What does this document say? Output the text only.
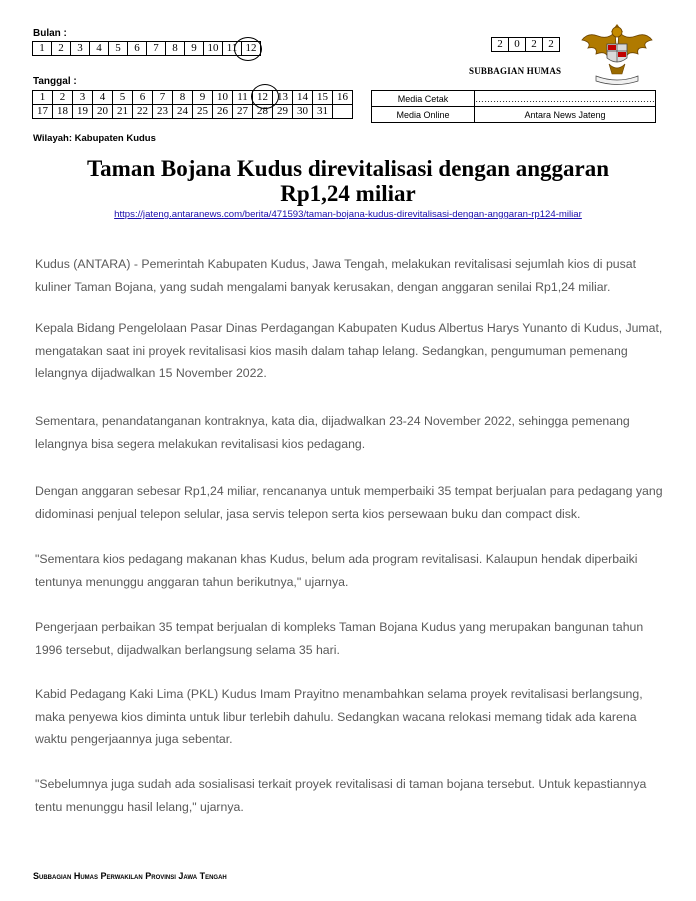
Bulan :
1	2	3	4	5	6	7	8	9	10	11	12
Tanggal :
1	2	3	4	5	6	7	8	9	10	11	12	13	14	15	16
17	18	19	20	21	22	23	24	25	26	27	28	29	30	31	
Wilayah: Kabupaten Kudus
2	0	2	2
SUBBAGIAN HUMAS
Media Cetak	……………………………………………………
Media Online	Antara News Jateng
Taman Bojana Kudus direvitalisasi dengan anggaran
Rp1,24 miliar
https://jateng.antaranews.com/berita/471593/taman-bojana-kudus-direvitalisasi-dengan-anggaran-rp124-miliar
Kudus (ANTARA) - Pemerintah Kabupaten Kudus, Jawa Tengah, melakukan revitalisasi sejumlah kios di pusat kuliner Taman Bojana, yang sudah mengalami banyak kerusakan, dengan anggaran senilai Rp1,24 miliar.
Kepala Bidang Pengelolaan Pasar Dinas Perdagangan Kabupaten Kudus Albertus Harys Yunanto di Kudus, Jumat, mengatakan saat ini proyek revitalisasi kios masih dalam tahap lelang. Sedangkan, pengumuman pemenang lelangnya dijadwalkan 15 November 2022.
Sementara, penandatanganan kontraknya, kata dia, dijadwalkan 23-24 November 2022, sehingga pemenang lelangnya bisa segera melakukan revitalisasi kios pedagang.
Dengan anggaran sebesar Rp1,24 miliar, rencananya untuk memperbaiki 35 tempat berjualan para pedagang yang didominasi penjual telepon selular, jasa servis telepon serta kios persewaan buku dan compact disk.
"Sementara kios pedagang makanan khas Kudus, belum ada program revitalisasi. Kalaupun hendak diperbaiki tentunya menunggu anggaran tahun berikutnya," ujarnya.
Pengerjaan perbaikan 35 tempat berjualan di kompleks Taman Bojana Kudus yang merupakan bangunan tahun 1996 tersebut, dijadwalkan berlangsung selama 35 hari.
Kabid Pedagang Kaki Lima (PKL) Kudus Imam Prayitno menambahkan selama proyek revitalisasi berlangsung, maka penyewa kios diminta untuk libur terlebih dahulu. Sedangkan wacana relokasi memang tidak ada karena waktu pengerjaannya juga sebentar.
"Sebelumnya juga sudah ada sosialisasi terkait proyek revitalisasi di taman bojana tersebut. Untuk kepastiannya tentu menunggu hasil lelang," ujarnya.
Subbagian Humas Perwakilan Provinsi Jawa Tengah
